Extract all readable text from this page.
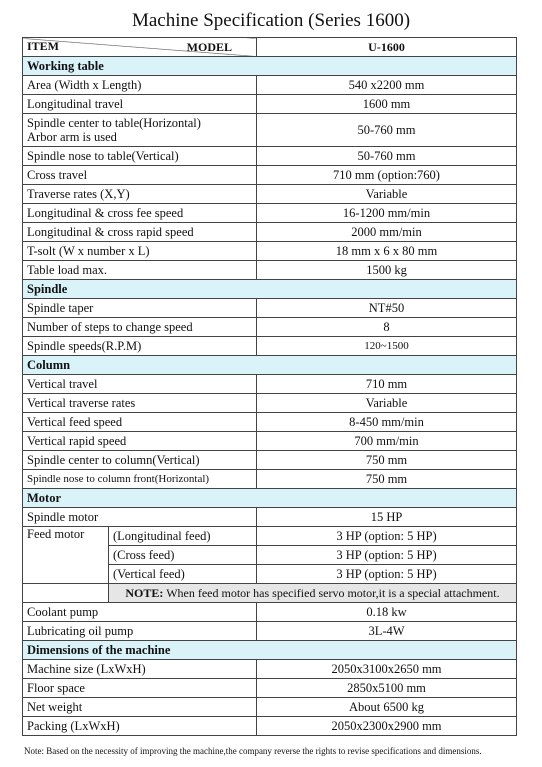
Machine Specification (Series 1600)
ITEM MODEL		U-1600
Working table		
Area (Width x Length)		540 x2200 mm
Longitudinal travel		1600 mm
Spindle center to table(Horizontal)
Arbor arm is used		50-760 mm
Spindle nose to table(Vertical)		50-760 mm
Cross travel		710 mm (option:760)
Traverse rates (X,Y)		Variable
Longitudinal & cross fee speed		16-1200 mm/min
Longitudinal & cross rapid speed		2000 mm/min
T-solt (W x number x L)		18 mm x 6 x 80 mm
Table load max.		1500 kg
Spindle		
Spindle taper		NT#50
Number of steps to change speed		8
Spindle speeds(R.P.M)		120~1500
Column		
Vertical travel		710 mm
Vertical traverse rates		Variable
Vertical feed speed		8-450 mm/min
Vertical rapid speed		700 mm/min
Spindle center to column(Vertical)		750 mm
Spindle nose to column front(Horizontal)		750 mm
Motor		
Spindle motor		15 HP
Feed motor	(Longitudinal feed)	3 HP (option: 5 HP)
	(Cross feed)	3 HP (option: 5 HP)
	(Vertical feed)	3 HP (option: 5 HP)
	NOTE: When feed motor has specified servo motor,it is a special attachment.	
Coolant pump		0.18 kw
Lubricating oil pump		3L-4W
Dimensions of the machine		
Machine size (LxWxH)		2050x3100x2650 mm
Floor space		2850x5100 mm
Net weight		About 6500 kg
Packing (LxWxH)		2050x2300x2900 mm
Note: Based on the necessity of improving the machine,the company reverse the rights to revise specifications and dimensions.
